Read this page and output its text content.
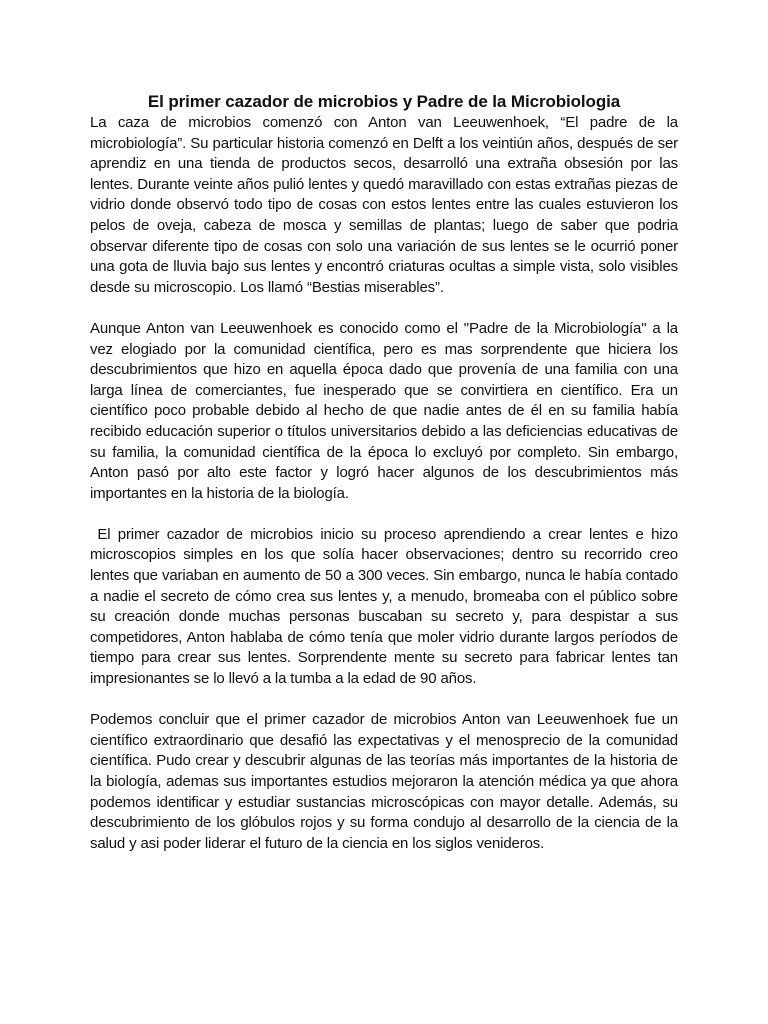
El primer cazador de microbios y Padre de la Microbiologia

La caza de microbios comenzó con Anton van Leeuwenhoek, “El padre de la microbiología”. Su particular historia comenzó en Delft a los veintiún años, después de ser aprendiz en una tienda de productos secos, desarrolló una extraña obsesión por las lentes. Durante veinte años pulió lentes y quedó maravillado con estas extrañas piezas de vidrio donde observó todo tipo de cosas con estos lentes entre las cuales estuvieron los pelos de oveja, cabeza de mosca y semillas de plantas; luego de saber que podria observar diferente tipo de cosas con solo una variación de sus lentes se le ocurrió poner una gota de lluvia bajo sus lentes y encontró criaturas ocultas a simple vista, solo visibles desde su microscopio. Los llamó “Bestias miserables”.

Aunque Anton van Leeuwenhoek es conocido como el "Padre de la Microbiología" a la vez elogiado por la comunidad científica, pero es mas sorprendente que hiciera los descubrimientos que hizo en aquella época dado que provenía de una familia con una larga línea de comerciantes, fue inesperado que se convirtiera en científico. Era un científico poco probable debido al hecho de que nadie antes de él en su familia había recibido educación superior o títulos universitarios debido a las deficiencias educativas de su familia, la comunidad científica de la época lo excluyó por completo. Sin embargo, Anton pasó por alto este factor y logró hacer algunos de los descubrimientos más importantes en la historia de la biología.

El primer cazador de microbios inicio su proceso aprendiendo a crear lentes e hizo microscopios simples en los que solía hacer observaciones; dentro su recorrido creo lentes que variaban en aumento de 50 a 300 veces. Sin embargo, nunca le había contado a nadie el secreto de cómo crea sus lentes y, a menudo, bromeaba con el público sobre su creación donde muchas personas buscaban su secreto y, para despistar a sus competidores, Anton hablaba de cómo tenía que moler vidrio durante largos períodos de tiempo para crear sus lentes. Sorprendente mente su secreto para fabricar lentes tan impresionantes se lo llevó a la tumba a la edad de 90 años.

Podemos concluir que el primer cazador de microbios Anton van Leeuwenhoek fue un científico extraordinario que desafió las expectativas y el menosprecio de la comunidad científica. Pudo crear y descubrir algunas de las teorías más importantes de la historia de la biología, ademas sus importantes estudios mejoraron la atención médica ya que ahora podemos identificar y estudiar sustancias microscópicas con mayor detalle. Además, su descubrimiento de los glóbulos rojos y su forma condujo al desarrollo de la ciencia de la salud y asi poder liderar el futuro de la ciencia en los siglos venideros.
